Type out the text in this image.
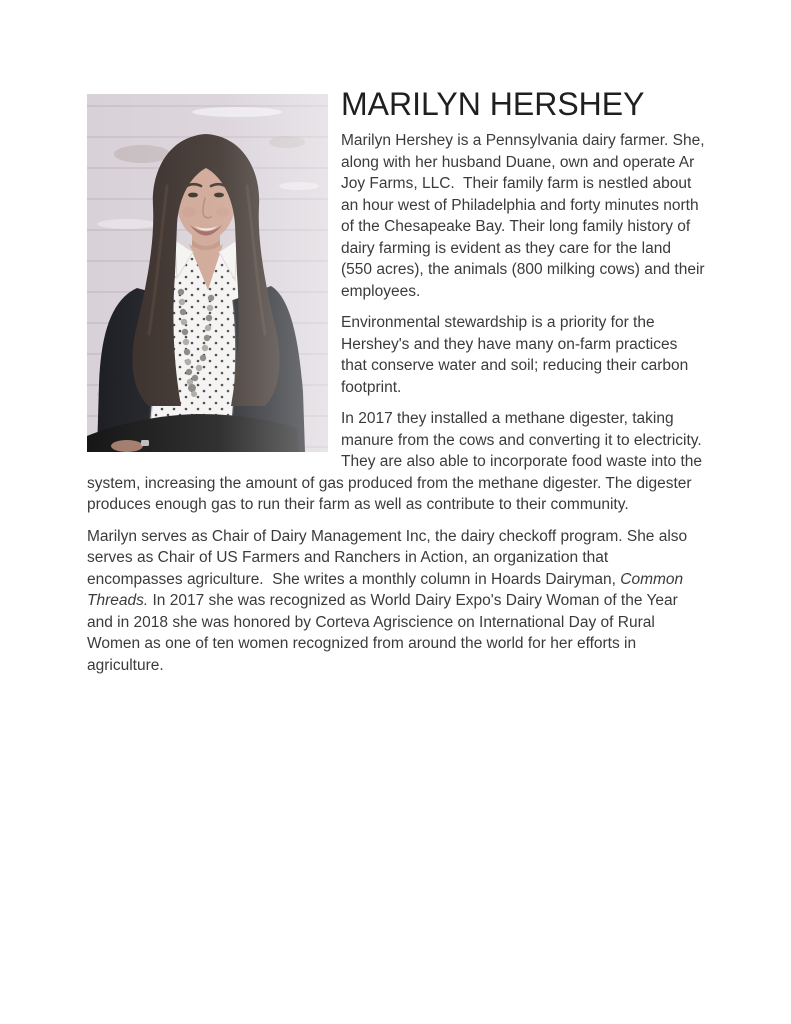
MARILYN HERSHEY

Marilyn Hershey is a Pennsylvania dairy farmer. She, along with her husband Duane, own and operate Ar Joy Farms, LLC.  Their family farm is nestled about an hour west of Philadelphia and forty minutes north of the Chesapeake Bay. Their long family history of dairy farming is evident as they care for the land (550 acres), the animals (800 milking cows) and their employees.

Environmental stewardship is a priority for the Hershey's and they have many on-farm practices that conserve water and soil; reducing their carbon footprint.

In 2017 they installed a methane digester, taking manure from the cows and converting it to electricity. They are also able to incorporate food waste into the system, increasing the amount of gas produced from the methane digester. The digester produces enough gas to run their farm as well as contribute to their community.

Marilyn serves as Chair of Dairy Management Inc, the dairy checkoff program. She also serves as Chair of US Farmers and Ranchers in Action, an organization that encompasses agriculture.  She writes a monthly column in Hoards Dairyman, Common Threads. In 2017 she was recognized as World Dairy Expo's Dairy Woman of the Year and in 2018 she was honored by Corteva Agriscience on International Day of Rural Women as one of ten women recognized from around the world for her efforts in agriculture.
